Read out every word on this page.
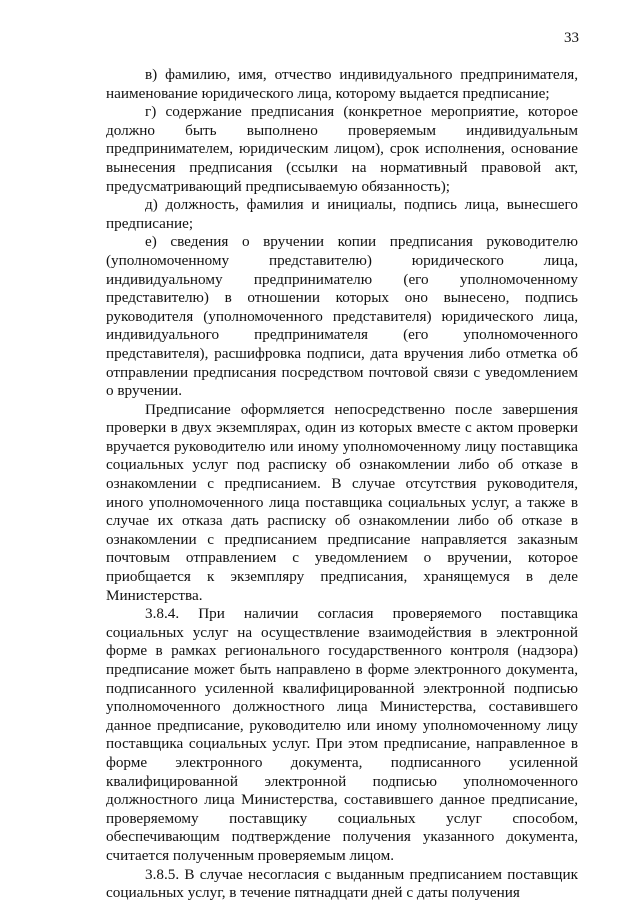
33

в) фамилию, имя, отчество индивидуального предпринимателя, наименование юридического лица, которому выдается предписание;

г) содержание предписания (конкретное мероприятие, которое должно быть выполнено проверяемым индивидуальным предпринимателем, юридическим лицом), срок исполнения, основание вынесения предписания (ссылки на нормативный правовой акт, предусматривающий предписываемую обязанность);

д) должность, фамилия и инициалы, подпись лица, вынесшего предписание;

е) сведения о вручении копии предписания руководителю (уполномоченному представителю) юридического лица, индивидуальному предпринимателю (его уполномоченному представителю) в отношении которых оно вынесено, подпись руководителя (уполномоченного представителя) юридического лица, индивидуального предпринимателя (его уполномоченного представителя), расшифровка подписи, дата вручения либо отметка об отправлении предписания посредством почтовой связи с уведомлением о вручении.

Предписание оформляется непосредственно после завершения проверки в двух экземплярах, один из которых вместе с актом проверки вручается руководителю или иному уполномоченному лицу поставщика социальных услуг под расписку об ознакомлении либо об отказе в ознакомлении с предписанием. В случае отсутствия руководителя, иного уполномоченного лица поставщика социальных услуг, а также в случае их отказа дать расписку об ознакомлении либо об отказе в ознакомлении с предписанием предписание направляется заказным почтовым отправлением с уведомлением о вручении, которое приобщается к экземпляру предписания, хранящемуся в деле Министерства.

3.8.4. При наличии согласия проверяемого поставщика социальных услуг на осуществление взаимодействия в электронной форме в рамках регионального государственного контроля (надзора) предписание может быть направлено в форме электронного документа, подписанного усиленной квалифицированной электронной подписью уполномоченного должностного лица Министерства, составившего данное предписание, руководителю или иному уполномоченному лицу поставщика социальных услуг. При этом предписание, направленное в форме электронного документа, подписанного усиленной квалифицированной электронной подписью уполномоченного должностного лица Министерства, составившего данное предписание, проверяемому поставщику социальных услуг способом, обеспечивающим подтверждение получения указанного документа, считается полученным проверяемым лицом.

3.8.5. В случае несогласия с выданным предписанием поставщик социальных услуг, в течение пятнадцати дней с даты получения
